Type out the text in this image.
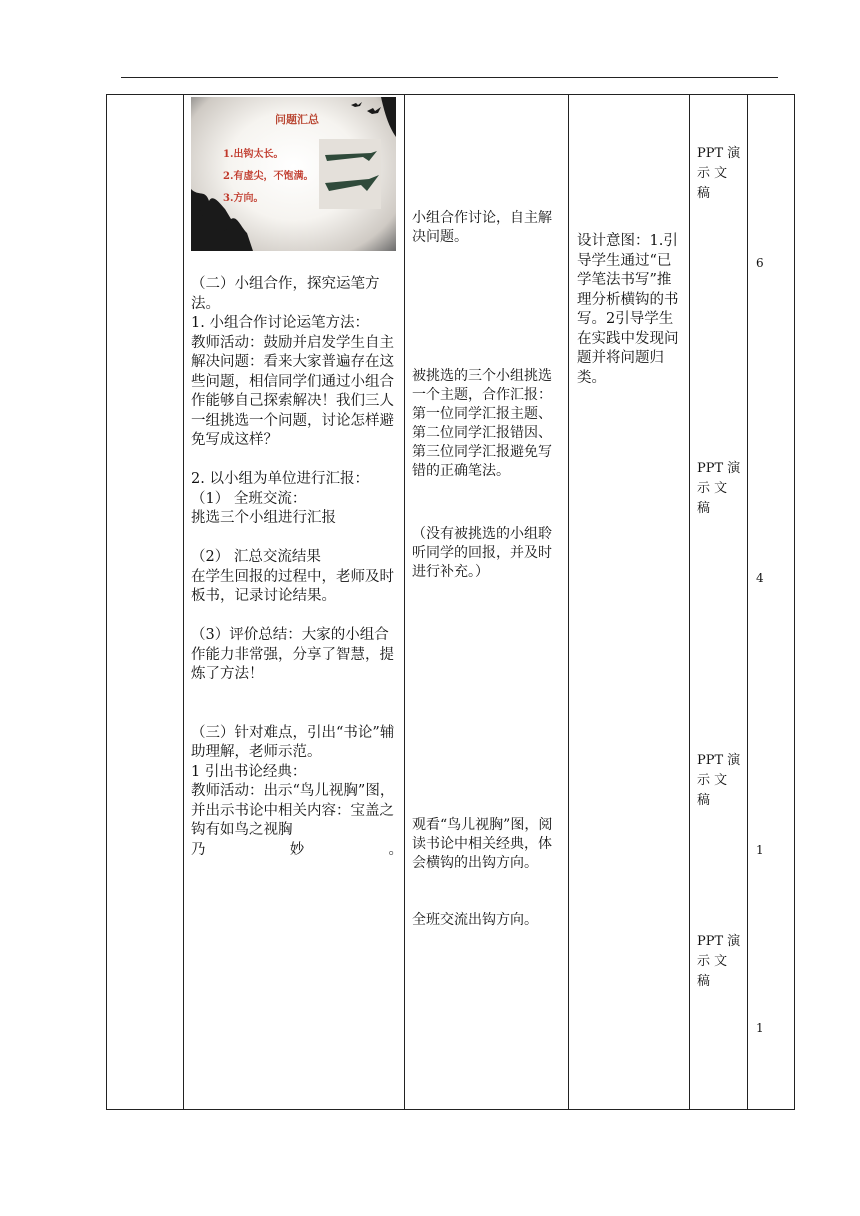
问题汇总
1.出钩太长。
2.有虚尖，不饱满。
3.方向。
（二）小组合作，探究运笔方法。
1. 小组合作讨论运笔方法：
教师活动：鼓励并启发学生自主解决问题：看来大家普遍存在这些问题，相信同学们通过小组合作能够自己探索解决！我们三人一组挑选一个问题，讨论怎样避免写成这样？
2. 以小组为单位进行汇报：
（1） 全班交流：
挑选三个小组进行汇报
（2） 汇总交流结果
在学生回报的过程中，老师及时板书，记录讨论结果。
（3）评价总结：大家的小组合作能力非常强，分享了智慧，提炼了方法！
（三）针对难点，引出“书论”辅助理解，老师示范。
1 引出书论经典：
教师活动：出示“鸟儿视胸”图，并出示书论中相关内容：宝盖之钩有如鸟之视胸
乃 妙 。
小组合作讨论，自主解决问题。
被挑选的三个小组挑选一个主题，合作汇报：第一位同学汇报主题、第二位同学汇报错因、第三位同学汇报避免写错的正确笔法。
（没有被挑选的小组聆听同学的回报，并及时进行补充。）
观看“鸟儿视胸”图，阅读书论中相关经典，体会横钩的出钩方向。
全班交流出钩方向。
设计意图：1.引导学生通过“已学笔法书写”推理分析横钩的书写。2引导学生在实践中发现问题并将问题归类。
PPT 演
示 文
稿
PPT 演
示 文
稿
PPT 演
示 文
稿
PPT 演
示 文
稿
6
4
1
1
